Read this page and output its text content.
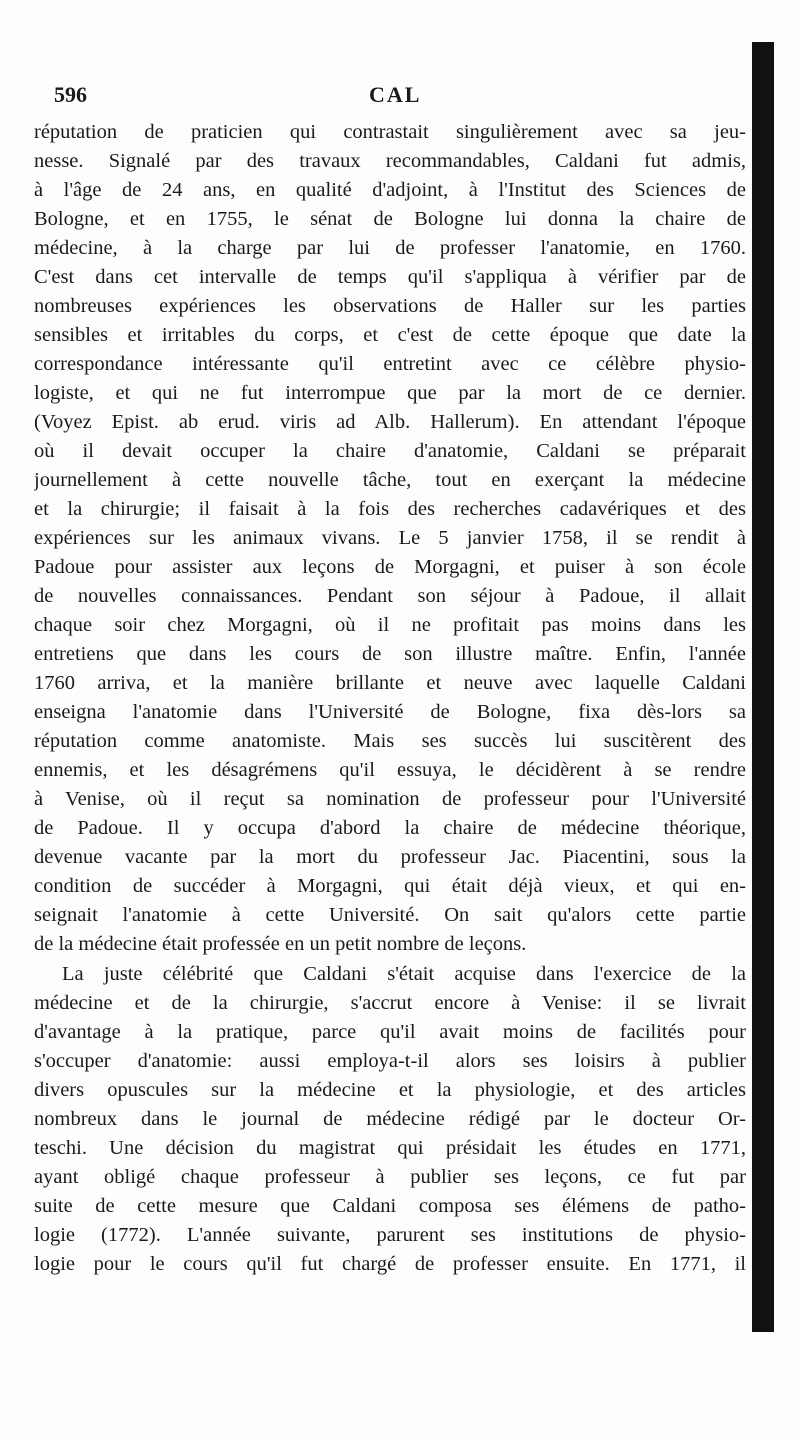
596	CAL
réputation de praticien qui contrastait singulièrement avec sa jeu-
nesse. Signalé par des travaux recommandables, Caldani fut admis,
à l'âge de 24 ans, en qualité d'adjoint, à l'Institut des Sciences de
Bologne, et en 1755, le sénat de Bologne lui donna la chaire de
médecine, à la charge par lui de professer l'anatomie, en 1760.
C'est dans cet intervalle de temps qu'il s'appliqua à vérifier par de
nombreuses expériences les observations de Haller sur les parties
sensibles et irritables du corps, et c'est de cette époque que date la
correspondance intéressante qu'il entretint avec ce célèbre physio-
logiste, et qui ne fut interrompue que par la mort de ce dernier.
(Voyez Epist. ab erud. viris ad Alb. Hallerum). En attendant l'époque
où il devait occuper la chaire d'anatomie, Caldani se préparait
journellement à cette nouvelle tâche, tout en exerçant la médecine
et la chirurgie; il faisait à la fois des recherches cadavériques et des
expériences sur les animaux vivans. Le 5 janvier 1758, il se rendit à
Padoue pour assister aux leçons de Morgagni, et puiser à son école
de nouvelles connaissances. Pendant son séjour à Padoue, il allait
chaque soir chez Morgagni, où il ne profitait pas moins dans les
entretiens que dans les cours de son illustre maître. Enfin, l'année
1760 arriva, et la manière brillante et neuve avec laquelle Caldani
enseigna l'anatomie dans l'Université de Bologne, fixa dès-lors sa
réputation comme anatomiste. Mais ses succès lui suscitèrent des
ennemis, et les désagrémens qu'il essuya, le décidèrent à se rendre
à Venise, où il reçut sa nomination de professeur pour l'Université
de Padoue. Il y occupa d'abord la chaire de médecine théorique,
devenue vacante par la mort du professeur Jac. Piacentini, sous la
condition de succéder à Morgagni, qui était déjà vieux, et qui en-
seignait l'anatomie à cette Université. On sait qu'alors cette partie
de la médecine était professée en un petit nombre de leçons.
La juste célébrité que Caldani s'était acquise dans l'exercice de la
médecine et de la chirurgie, s'accrut encore à Venise: il se livrait
d'avantage à la pratique, parce qu'il avait moins de facilités pour
s'occuper d'anatomie: aussi employa-t-il alors ses loisirs à publier
divers opuscules sur la médecine et la physiologie, et des articles
nombreux dans le journal de médecine rédigé par le docteur Or-
teschi. Une décision du magistrat qui présidait les études en 1771,
ayant obligé chaque professeur à publier ses leçons, ce fut par
suite de cette mesure que Caldani composa ses élémens de patho-
logie (1772). L'année suivante, parurent ses institutions de physio-
logie pour le cours qu'il fut chargé de professer ensuite. En 1771, il
